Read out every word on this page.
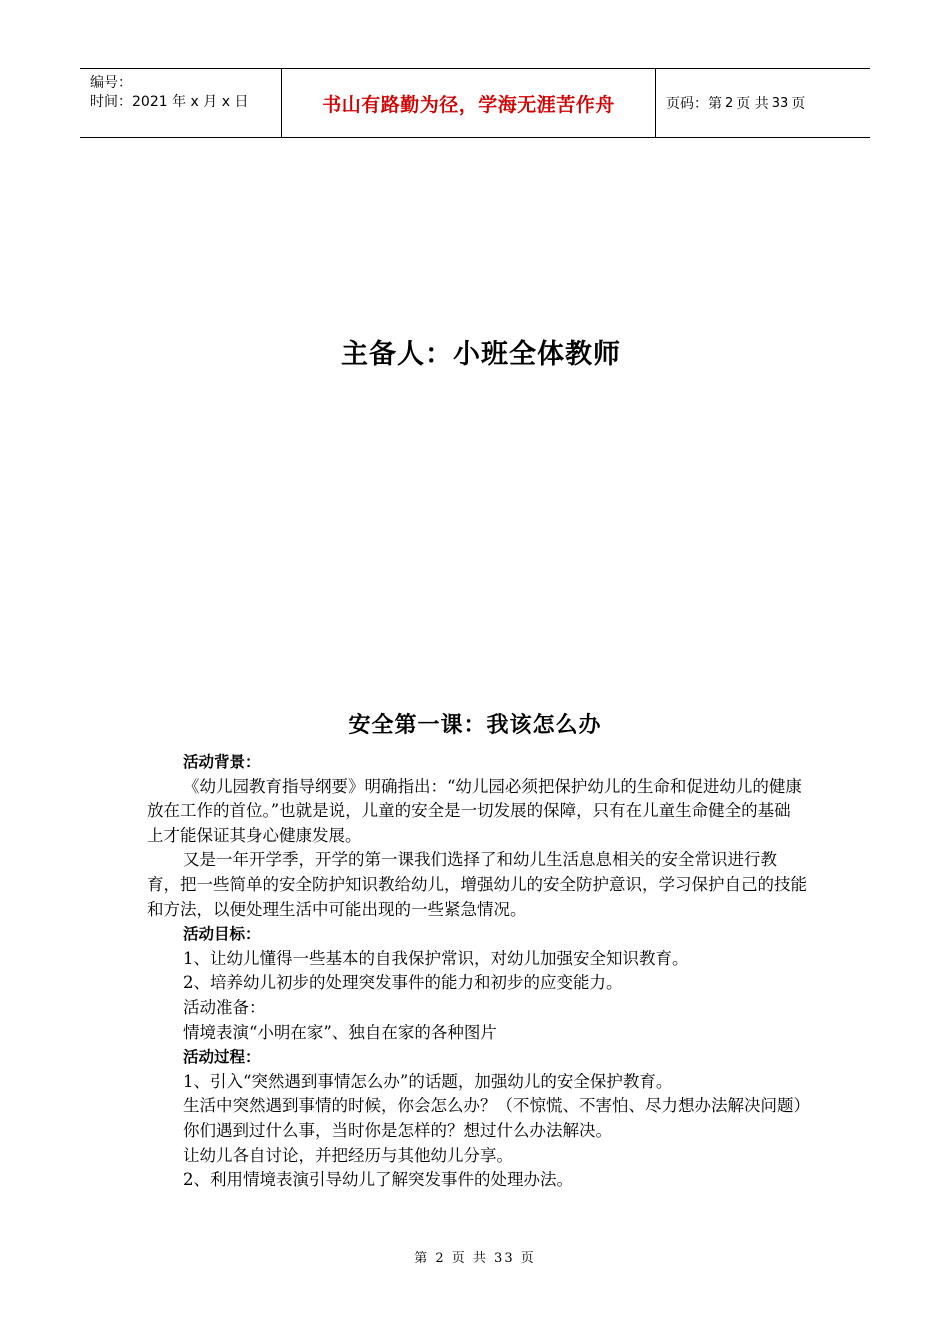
编号：
时间：2021 年 x 月 x 日	书山有路勤为径，学海无涯苦作舟	页码：第 2 页 共 33 页
主备人：小班全体教师
安全第一课：我该怎么办

活动背景：

《幼儿园教育指导纲要》明确指出：“幼儿园必须把保护幼儿的生命和促进幼儿的健康放在工作的首位。”也就是说，儿童的安全是一切发展的保障，只有在儿童生命健全的基础上才能保证其身心健康发展。

又是一年开学季，开学的第一课我们选择了和幼儿生活息息相关的安全常识进行教育，把一些简单的安全防护知识教给幼儿，增强幼儿的安全防护意识，学习保护自己的技能和方法，以便处理生活中可能出现的一些紧急情况。

活动目标：

1、让幼儿懂得一些基本的自我保护常识，对幼儿加强安全知识教育。

2、培养幼儿初步的处理突发事件的能力和初步的应变能力。

活动准备：

情境表演“小明在家”、独自在家的各种图片

活动过程：

1、引入“突然遇到事情怎么办”的话题，加强幼儿的安全保护教育。

生活中突然遇到事情的时候，你会怎么办？（不惊慌、不害怕、尽力想办法解决问题）

你们遇到过什么事，当时你是怎样的？想过什么办法解决。

让幼儿各自讨论，并把经历与其他幼儿分享。

2、利用情境表演引导幼儿了解突发事件的处理办法。

第 2 页 共 33 页
